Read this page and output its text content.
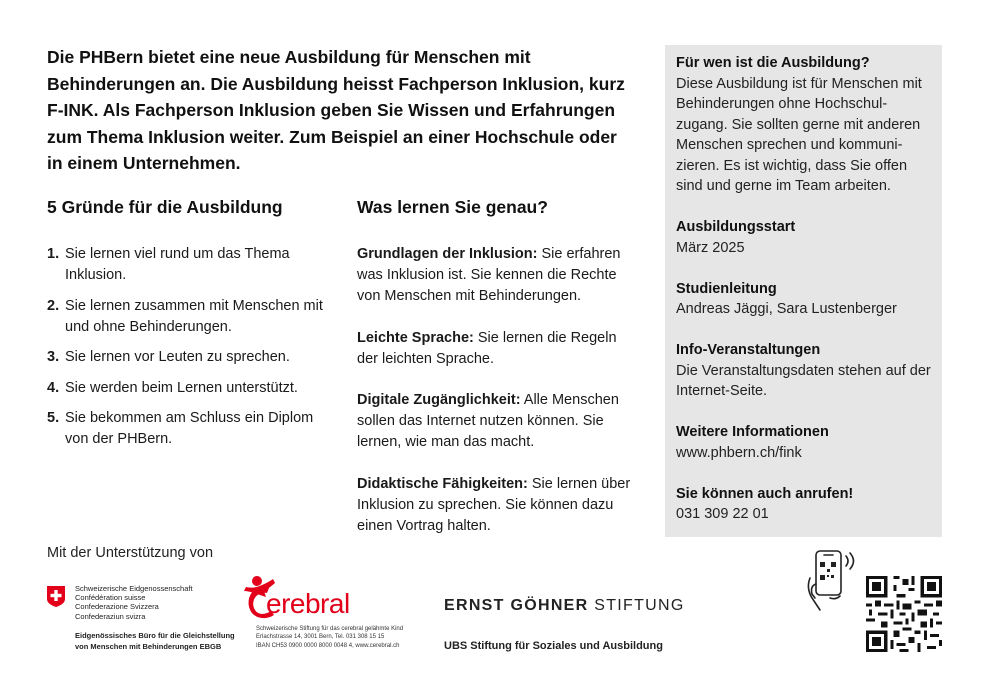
Die PHBern bietet eine neue Ausbildung für Menschen mit Behinderungen an. Die Ausbildung heisst Fachperson Inklusion, kurz F-INK. Als Fachperson Inklusion geben Sie Wissen und Erfahrungen zum Thema Inklusion weiter. Zum Beispiel an einer Hochschule oder in einem Unternehmen.
5 Gründe für die Ausbildung
1. Sie lernen viel rund um das Thema Inklusion.
2. Sie lernen zusammen mit Menschen mit und ohne Behinderungen.
3. Sie lernen vor Leuten zu sprechen.
4. Sie werden beim Lernen unterstützt.
5. Sie bekommen am Schluss ein Diplom von der PHBern.
Was lernen Sie genau?

Grundlagen der Inklusion: Sie erfahren was Inklusion ist. Sie kennen die Rechte von Menschen mit Behinderungen.

Leichte Sprache: Sie lernen die Regeln der leichten Sprache.

Digitale Zugänglichkeit: Alle Menschen sollen das Internet nutzen können. Sie lernen, wie man das macht.

Didaktische Fähigkeiten: Sie lernen über Inklusion zu sprechen. Sie können dazu einen Vortrag halten.

Für wen ist die Ausbildung?
Diese Ausbildung ist für Menschen mit Behinderungen ohne Hochschul-zugang. Sie sollten gerne mit anderen Menschen sprechen und kommuni-zieren. Es ist wichtig, dass Sie offen sind und gerne im Team arbeiten.
Ausbildungsstart
März 2025
Studienleitung
Andreas Jäggi, Sara Lustenberger
Info-Veranstaltungen
Die Veranstaltungsdaten stehen auf der Internet-Seite.
Weitere Informationen
www.phbern.ch/fink
Sie können auch anrufen!
031 309 22 01
Mit der Unterstützung von
Schweizerische Eidgenossenschaft
Confédération suisse
Confederazione Svizzera
Confederaziun svizra
Eidgenössisches Büro für die Gleichstellung
von Menschen mit Behinderungen EBGB
erebral
Schweizerische Stiftung für das cerebral gelähmte Kind
Erlachstrasse 14, 3001 Bern, Tel. 031 308 15 15
IBAN CH53 0900 0000 8000 0048 4, www.cerebral.ch
ERNST GÖHNER STIFTUNG
UBS Stiftung für Soziales und Ausbildung
